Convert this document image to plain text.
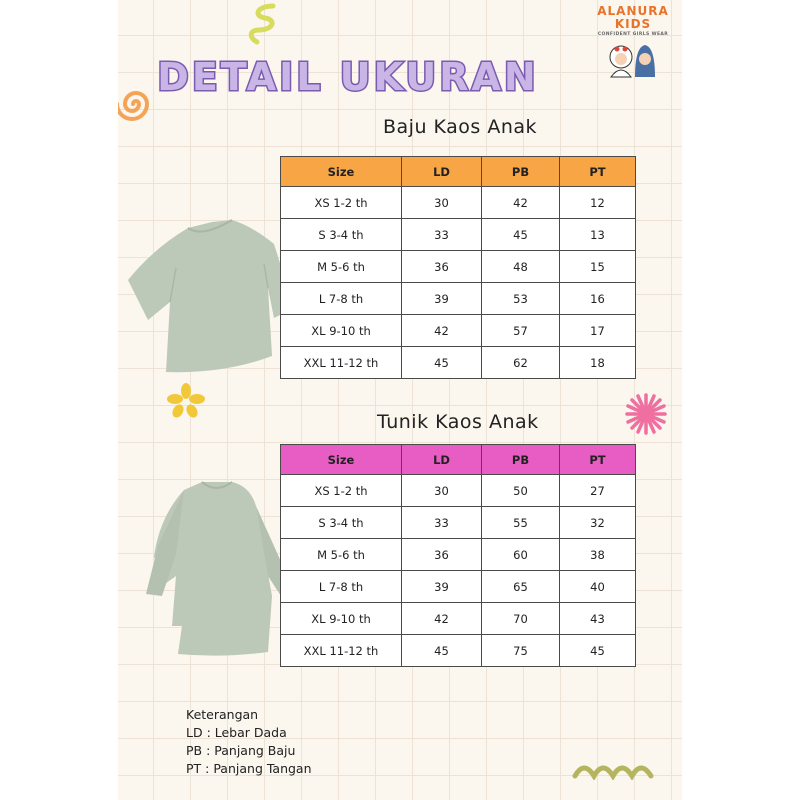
DETAIL UKURAN
ALANURA
KIDS
CONFIDENT GIRLS WEAR
Baju Kaos Anak
Size	LD	PB	PT
XS 1-2 th	30	42	12
S 3-4 th	33	45	13
M 5-6 th	36	48	15
L 7-8 th	39	53	16
XL 9-10 th	42	57	17
XXL 11-12 th	45	62	18
Tunik Kaos Anak
Size	LD	PB	PT
XS 1-2 th	30	50	27
S 3-4 th	33	55	32
M 5-6 th	36	60	38
L 7-8 th	39	65	40
XL 9-10 th	42	70	43
XXL 11-12 th	45	75	45
Keterangan
LD : Lebar Dada
PB : Panjang Baju
PT : Panjang Tangan
